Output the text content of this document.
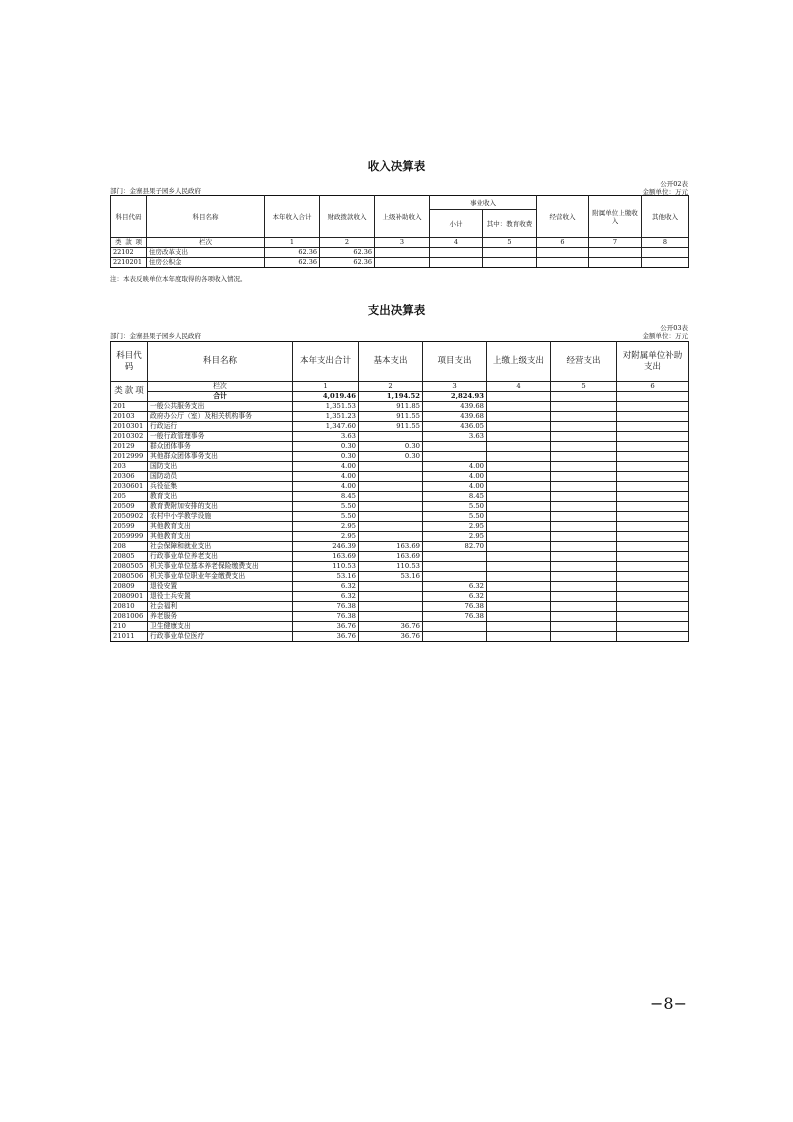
收入决算表
部门：金寨县果子园乡人民政府
公开02表
金额单位：万元
科目代码	科目名称	本年收入合计	财政拨款收入	上级补助收入	事业收入		经营收入	附属单位上缴收入	其他收入
					小计	其中：教育收费			
类 款 项	栏次	1	2	3	4	5	6	7	8
22102	住房改革支出	62.36	62.36						
2210201	住房公积金	62.36	62.36						
注：本表反映单位本年度取得的各项收入情况。
支出决算表
部门：金寨县果子园乡人民政府
公开03表
金额单位：万元
科目代码	科目名称	本年支出合计	基本支出	项目支出	上缴上级支出	经营支出	对附属单位补助支出
类 款 项	栏次	1	2	3	4	5	6
	合计	4,019.46	1,194.52	2,824.93			
201	一般公共服务支出	1,351.53	911.85	439.68			
20103	政府办公厅（室）及相关机构事务	1,351.23	911.55	439.68			
2010301	行政运行	1,347.60	911.55	436.05			
2010302	一般行政管理事务	3.63		3.63			
20129	群众团体事务	0.30	0.30				
2012999	其他群众团体事务支出	0.30	0.30				
203	国防支出	4.00		4.00			
20306	国防动员	4.00		4.00			
2030601	兵役征集	4.00		4.00			
205	教育支出	8.45		8.45			
20509	教育费附加安排的支出	5.50		5.50			
2050902	农村中小学教学设施	5.50		5.50			
20599	其他教育支出	2.95		2.95			
2059999	其他教育支出	2.95		2.95			
208	社会保障和就业支出	246.39	163.69	82.70			
20805	行政事业单位养老支出	163.69	163.69				
2080505	机关事业单位基本养老保险缴费支出	110.53	110.53				
2080506	机关事业单位职业年金缴费支出	53.16	53.16				
20809	退役安置	6.32		6.32			
2080901	退役士兵安置	6.32		6.32			
20810	社会福利	76.38		76.38			
2081006	养老服务	76.38		76.38			
210	卫生健康支出	36.76	36.76				
21011	行政事业单位医疗	36.76	36.76				
−8−
